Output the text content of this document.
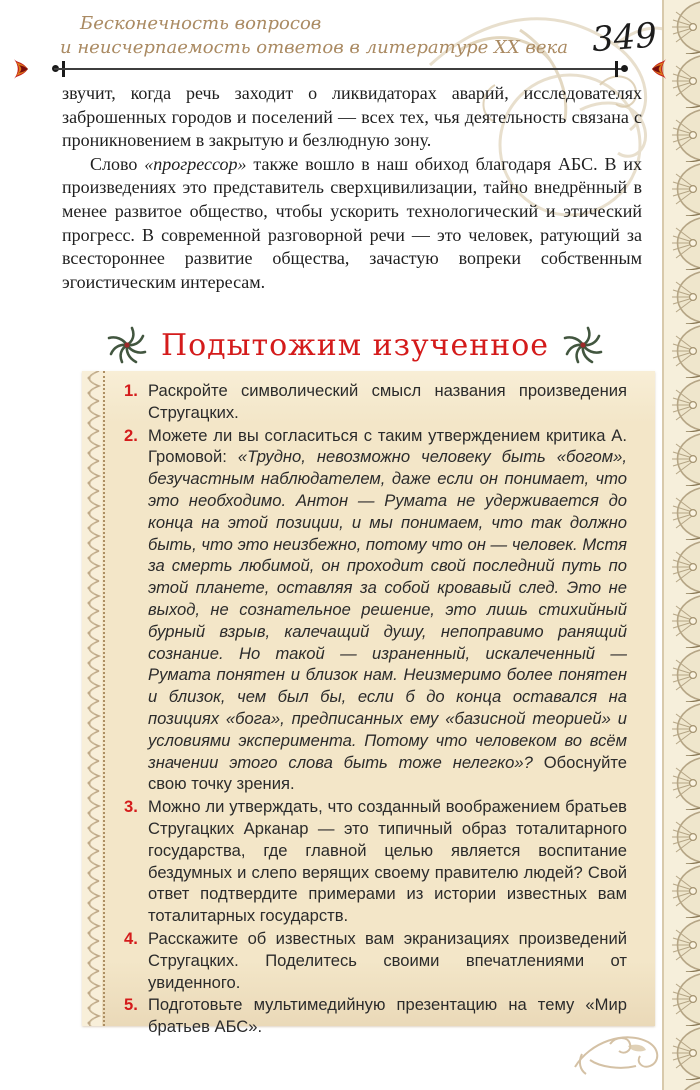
Бесконечность вопросов
и неисчерпаемость ответов в литературе XX века 349

звучит, когда речь заходит о ликвидаторах аварий, исследователях заброшенных городов и поселений — всех тех, чья деятельность связана с проникновением в закрытую и безлюдную зону.

Слово «прогрессор» также вошло в наш обиход благодаря АБС. В их произведениях это представитель сверхцивилизации, тайно внедрённый в менее развитое общество, чтобы ускорить технологический и этический прогресс. В современной разговорной речи — это человек, ратующий за всестороннее развитие общества, зачастую вопреки собственным эгоистическим интересам.

Подытожим изученное
1. Раскройте символический смысл названия произведения Стругацких.
2. Можете ли вы согласиться с таким утверждением критика А. Громовой: «Трудно, невозможно человеку быть «богом», безучастным наблюдателем, даже если он понимает, что это необходимо. Антон — Румата не удерживается до конца на этой позиции, и мы понимаем, что так должно быть, что это неизбежно, потому что он — человек. Мстя за смерть любимой, он проходит свой последний путь по этой планете, оставляя за собой кровавый след. Это не выход, не сознательное решение, это лишь стихийный бурный взрыв, калечащий душу, непоправимо ранящий сознание. Но такой — израненный, искалеченный — Румата понятен и близок нам. Неизмеримо более понятен и близок, чем был бы, если б до конца оставался на позициях «бога», предписанных ему «базисной теорией» и условиями эксперимента. Потому что человеком во всём значении этого слова быть тоже нелегко»? Обоснуйте свою точку зрения.
3. Можно ли утверждать, что созданный воображением братьев Стругацких Арканар — это типичный образ тоталитарного государства, где главной целью является воспитание бездумных и слепо верящих своему правителю людей? Свой ответ подтвердите примерами из истории известных вам тоталитарных государств.
4. Расскажите об известных вам экранизациях произведений Стругацких. Поделитесь своими впечатлениями от увиденного.
5. Подготовьте мультимедийную презентацию на тему «Мир братьев АБС».
